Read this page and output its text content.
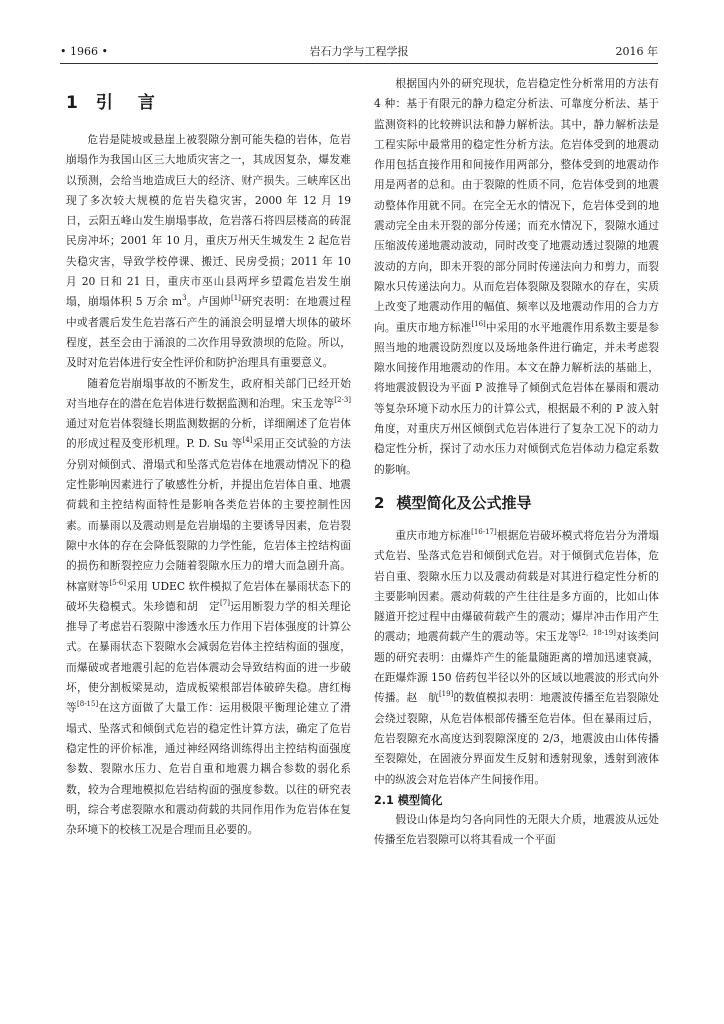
• 1966 •	岩石力学与工程学报	2016 年
1 引　言

危岩是陡坡或悬崖上被裂隙分割可能失稳的岩体，危岩崩塌作为我国山区三大地质灾害之一，其成因复杂，爆发难以预测，会给当地造成巨大的经济、财产损失。三峡库区出现了多次较大规模的危岩失稳灾害，2000 年 12 月 19 日，云阳五峰山发生崩塌事故，危岩落石将四层楼高的砖混民房冲坏；2001 年 10 月，重庆万州天生城发生 2 起危岩失稳灾害，导致学校停课、搬迁、民房受损；2011 年 10 月 20 日和 21 日，重庆市巫山县两坪乡望霞危岩发生崩塌，崩塌体积 5 万余 $m^3$。卢国帅[1]研究表明：在地震过程中或者震后发生危岩落石产生的涌浪会明显增大坝体的破坏程度，甚至会由于涌浪的二次作用导致溃坝的危险。所以，及时对危岩体进行安全性评价和防护治理具有重要意义。

随着危岩崩塌事故的不断发生，政府相关部门已经开始对当地存在的潜在危岩体进行数据监测和治理。宋玉龙等[2-3]通过对危岩体裂缝长期监测数据的分析，详细阐述了危岩体的形成过程及变形机理。P. D. Su 等[4]采用正交试验的方法分别对倾倒式、滑塌式和坠落式危岩体在地震动情况下的稳定性影响因素进行了敏感性分析，并提出危岩体自重、地震荷载和主控结构面特性是影响各类危岩体的主要控制性因素。而暴雨以及震动则是危岩崩塌的主要诱导因素，危岩裂隙中水体的存在会降低裂隙的力学性能，危岩体主控结构面的损伤和断裂控应力会随着裂隙水压力的增大而急剧升高。林富财等[5-6]采用 UDEC 软件模拟了危岩体在暴雨状态下的破坏失稳模式。朱珍德和胡　定[7]运用断裂力学的相关理论推导了考虑岩石裂隙中渗透水压力作用下岩体强度的计算公式。在暴雨状态下裂隙水会减弱危岩体主控结构面的强度，而爆破或者地震引起的危岩体震动会导致结构面的进一步破坏，使分割板梁晃动，造成板梁根部岩体破碎失稳。唐红梅等[8-15]在这方面做了大量工作：运用极限平衡理论建立了滑塌式、坠落式和倾倒式危岩的稳定性计算方法，确定了危岩稳定性的评价标准，通过神经网络训练得出主控结构面强度参数、裂隙水压力、危岩自重和地震力耦合参数的弱化系数，较为合理地模拟危岩结构面的强度参数。以往的研究表明，综合考虑裂隙水和震动荷载的共同作用作为危岩体在复杂环境下的校核工况是合理而且必要的。

根据国内外的研究现状，危岩稳定性分析常用的方法有 4 种：基于有限元的静力稳定分析法、可靠度分析法、基于监测资料的比较辨识法和静力解析法。其中，静力解析法是工程实际中最常用的稳定性分析方法。危岩体受到的地震动作用包括直接作用和间接作用两部分，整体受到的地震动作用是两者的总和。由于裂隙的性质不同，危岩体受到的地震动整体作用就不同。在完全无水的情况下，危岩体受到的地震动完全由未开裂的部分传递；而充水情况下，裂隙水通过压缩波传递地震动波动，同时改变了地震动透过裂隙的地震波动的方向，即未开裂的部分同时传递法向力和剪力，而裂隙水只传递法向力。从而危岩体裂隙及裂隙水的存在，实质上改变了地震动作用的幅值、频率以及地震动作用的合力方向。重庆市地方标准[16]中采用的水平地震作用系数主要是参照当地的地震设防烈度以及场地条件进行确定，并未考虑裂隙水间接作用地震动的作用。本文在静力解析法的基础上，将地震波假设为平面 P 波推导了倾倒式危岩体在暴雨和震动等复杂环境下动水压力的计算公式，根据最不利的 P 波入射角度，对重庆万州区倾倒式危岩体进行了复杂工况下的动力稳定性分析，探讨了动水压力对倾倒式危岩体动力稳定系数的影响。

2 模型简化及公式推导

重庆市地方标准[16-17]根据危岩破坏模式将危岩分为滑塌式危岩、坠落式危岩和倾倒式危岩。对于倾倒式危岩体，危岩自重、裂隙水压力以及震动荷载是对其进行稳定性分析的主要影响因素。震动荷载的产生往往是多方面的，比如山体隧道开挖过程中由爆破荷载产生的震动；爆岸冲击作用产生的震动；地震荷载产生的震动等。宋玉龙等[2，18-19]对该类问题的研究表明：由爆炸产生的能量随距离的增加迅速衰减，在距爆炸源 150 倍药包半径以外的区域以地震波的形式向外传播。赵　航[19]的数值模拟表明：地震波传播至危岩裂隙处会绕过裂隙，从危岩体根部传播至危岩体。但在暴雨过后，危岩裂隙充水高度达到裂隙深度的 2/3，地震波由山体传播至裂隙处，在固液分界面发生反射和透射现象，透射到液体中的纵波会对危岩体产生间接作用。

2.1 模型简化

假设山体是均匀各向同性的无限大介质，地震波从远处传播至危岩裂隙可以将其看成一个平面
